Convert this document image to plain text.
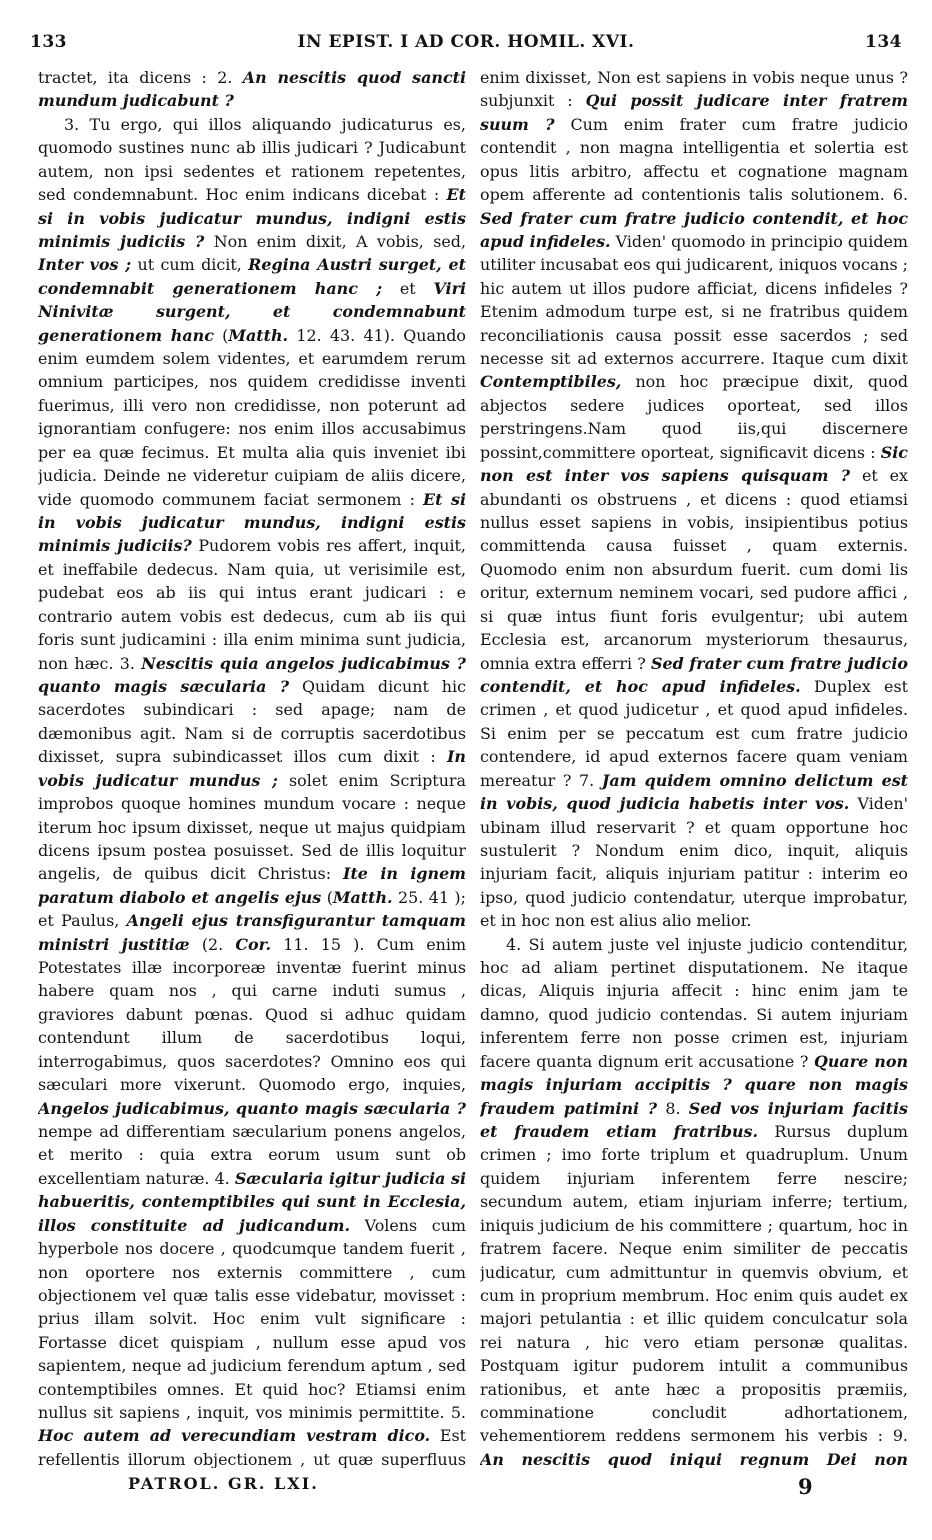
133	IN EPIST. I AD COR. HOMIL. XVI.	134

tractet, ita dicens : 2. An nescitis quod sancti mundum judicabunt ?

3. Tu ergo, qui illos aliquando judicaturus es, quomodo sustines nunc ab illis judicari ? Judicabunt autem, non ipsi sedentes et rationem repetentes, sed condemnabunt. Hoc enim indicans dicebat : Et si in vobis judicatur mundus, indigni estis minimis judiciis ? Non enim dixit, A vobis, sed, Inter vos ; ut cum dicit, Regina Austri surget, et condemnabit generationem hanc ; et Viri Ninivitæ surgent, et condemnabunt generationem hanc (Matth. 12. 43. 41). Quando enim eumdem solem videntes, et earumdem rerum omnium participes, nos quidem credidisse inventi fuerimus, illi vero non credidisse, non poterunt ad ignorantiam confugere: nos enim illos accusabimus per ea quæ fecimus. Et multa alia quis inveniet ibi judicia. Deinde ne videretur cuipiam de aliis dicere, vide quomodo communem faciat sermonem : Et si in vobis judicatur mundus, indigni estis minimis judiciis? Pudorem vobis res affert, inquit, et ineffabile dedecus. Nam quia, ut verisimile est, pudebat eos ab iis qui intus erant judicari : e contrario autem vobis est dedecus, cum ab iis qui foris sunt judicamini : illa enim minima sunt judicia, non hæc. 3. Nescitis quia angelos judicabimus ? quanto magis sæcularia ? Quidam dicunt hic sacerdotes subindicari : sed apage; nam de dæmonibus agit. Nam si de corruptis sacerdotibus dixisset, supra subindicasset illos cum dixit : In vobis judicatur mundus ; solet enim Scriptura improbos quoque homines mundum vocare : neque iterum hoc ipsum dixisset, neque ut majus quidpiam dicens ipsum postea posuisset. Sed de illis loquitur angelis, de quibus dicit Christus: Ite in ignem paratum diabolo et angelis ejus (Matth. 25. 41 ); et Paulus, Angeli ejus transfigurantur tamquam ministri justitiæ (2. Cor. 11. 15 ). Cum enim Potestates illæ incorporeæ inventæ fuerint minus habere quam nos , qui carne induti sumus , graviores dabunt pœnas. Quod si adhuc quidam contendunt illum de sacerdotibus loqui, interrogabimus, quos sacerdotes? Omnino eos qui sæculari more vixerunt. Quomodo ergo, inquies, Angelos judicabimus, quanto magis sæcularia ? nempe ad differentiam sæcularium ponens angelos, et merito : quia extra eorum usum sunt ob excellentiam naturæ. 4. Sæcularia igitur judicia si habueritis, contemptibiles qui sunt in Ecclesia, illos constituite ad judicandum. Volens cum hyperbole nos docere , quodcumque tandem fuerit , non oportere nos externis committere , cum objectionem vel quæ talis esse videbatur, movisset : prius illam solvit. Hoc enim vult significare : Fortasse dicet quispiam , nullum esse apud vos sapientem, neque ad judicium ferendum aptum , sed contemptibiles omnes. Et quid hoc? Etiamsi enim nullus sit sapiens , inquit, vos minimis permittite. 5. Hoc autem ad verecundiam vestram dico. Est refellentis illorum objectionem , ut quæ superfluus

enim dixisset, Non est sapiens in vobis neque unus ? subjunxit : Qui possit judicare inter fratrem suum ? Cum enim frater cum fratre judicio contendit , non magna intelligentia et solertia est opus litis arbitro, affectu et cognatione magnam opem afferente ad contentionis talis solutionem. 6. Sed frater cum fratre judicio contendit, et hoc apud infideles. Viden' quomodo in principio quidem utiliter incusabat eos qui judicarent, iniquos vocans ; hic autem ut illos pudore afficiat, dicens infideles ? Etenim admodum turpe est, si ne fratribus quidem reconciliationis causa possit esse sacerdos ; sed necesse sit ad externos accurrere. Itaque cum dixit Contemptibiles, non hoc præcipue dixit, quod abjectos sedere judices oporteat, sed illos perstringens.Nam quod iis,qui discernere possint,committere oporteat, significavit dicens : Sic non est inter vos sapiens quisquam ? et ex abundanti os obstruens , et dicens : quod etiamsi nullus esset sapiens in vobis, insipientibus potius committenda causa fuisset , quam externis. Quomodo enim non absurdum fuerit. cum domi lis oritur, externum neminem vocari, sed pudore affici , si quæ intus fiunt foris evulgentur; ubi autem Ecclesia est, arcanorum mysteriorum thesaurus, omnia extra efferri ? Sed frater cum fratre judicio contendit, et hoc apud infideles. Duplex est crimen , et quod judicetur , et quod apud infideles. Si enim per se peccatum est cum fratre judicio contendere, id apud externos facere quam veniam mereatur ? 7. Jam quidem omnino delictum est in vobis, quod judicia habetis inter vos. Viden' ubinam illud reservarit ? et quam opportune hoc sustulerit ? Nondum enim dico, inquit, aliquis injuriam facit, aliquis injuriam patitur : interim eo ipso, quod judicio contendatur, uterque improbatur, et in hoc non est alius alio melior.

4. Si autem juste vel injuste judicio contenditur, hoc ad aliam pertinet disputationem. Ne itaque dicas, Aliquis injuria affecit : hinc enim jam te damno, quod judicio contendas. Si autem injuriam inferentem ferre non posse crimen est, injuriam facere quanta dignum erit accusatione ? Quare non magis injuriam accipitis ? quare non magis fraudem patimini ? 8. Sed vos injuriam facitis et fraudem etiam fratribus. Rursus duplum crimen ; imo forte triplum et quadruplum. Unum quidem injuriam inferentem ferre nescire; secundum autem, etiam injuriam inferre; tertium, iniquis judicium de his committere ; quartum, hoc in fratrem facere. Neque enim similiter de peccatis judicatur, cum admittuntur in quemvis obvium, et cum in proprium membrum. Hoc enim quis audet ex majori petulantia : et illic quidem conculcatur sola rei natura , hic vero etiam personæ qualitas. Postquam igitur pudorem intulit a communibus rationibus, et ante hæc a propositis præmiis, comminatione concludit adhortationem, vehementiorem reddens sermonem his verbis : 9. An nescitis quod iniqui regnum Dei non

PATROL. GR. LXI.	9
